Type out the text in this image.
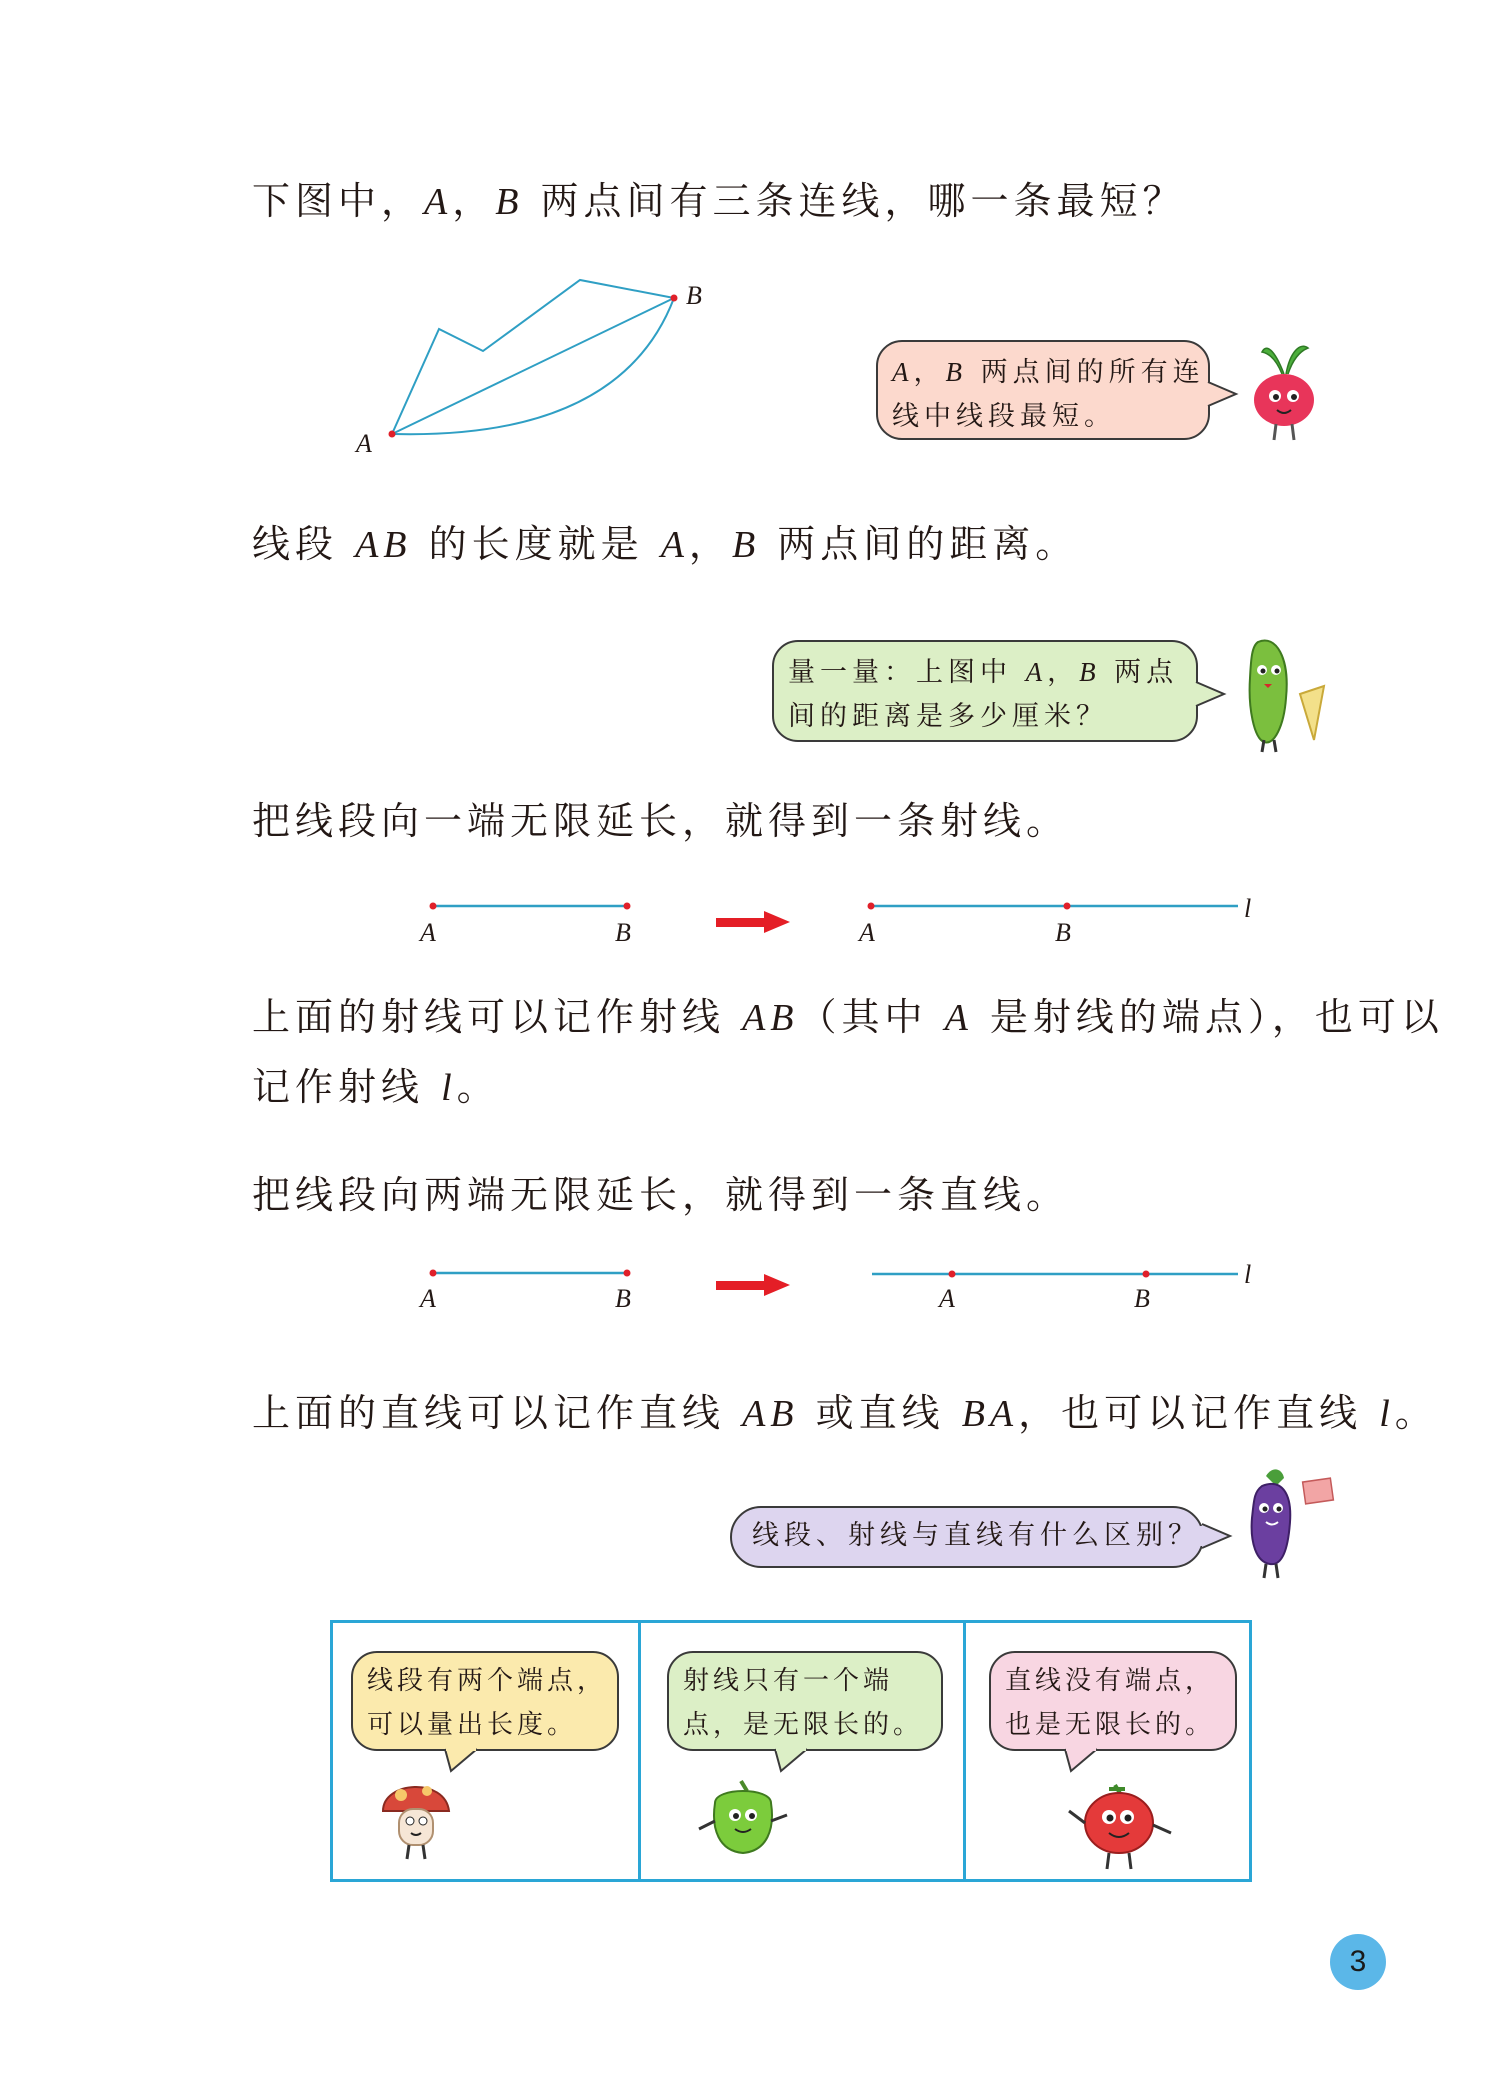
下图中，A，B 两点间有三条连线，哪一条最短？
A
B
A	B	A	B
l
A	B	A	B
l
A，B 两点间的所有连
线中线段最短。
线段 AB 的长度就是 A，B 两点间的距离。
量一量：上图中 A，B 两点
间的距离是多少厘米？
把线段向一端无限延长，就得到一条射线。
上面的射线可以记作射线 AB（其中 A 是射线的端点），也可以
记作射线 l。
把线段向两端无限延长，就得到一条直线。
上面的直线可以记作直线 AB 或直线 BA，也可以记作直线 l。
线段、射线与直线有什么区别？
线段有两个端点，
可以量出长度。
射线只有一个端
点，是无限长的。
直线没有端点，
也是无限长的。
3
